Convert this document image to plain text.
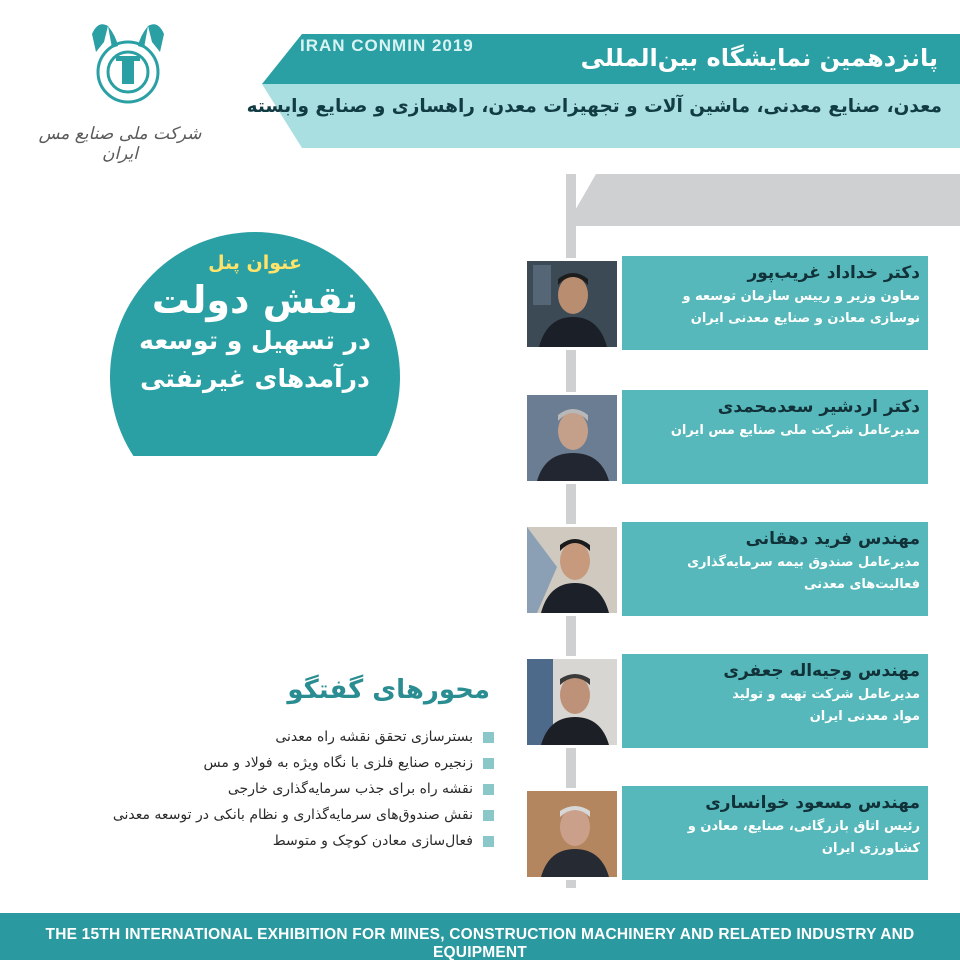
IRAN CONMIN 2019	پانزدهمین نمایشگاه بین‌المللی
معدن، صنایع معدنی، ماشین آلات و تجهیزات معدن، راهسازی و صنایع وابسته
شرکت ملی صنایع مس ایران
عنوان پنل
نقش دولت
در تسهیل و توسعه
درآمدهای غیرنفتی
دکتر خداداد غریب‌پور
معاون وزیر و رییس سازمان توسعه و
نوسازی معادن و صنایع معدنی ایران
دکتر اردشیر سعدمحمدی
مدیرعامل شرکت ملی صنایع مس ایران
مهندس فرید دهقانی
مدیرعامل صندوق بیمه سرمایه‌گذاری
فعالیت‌های معدنی
مهندس وجیه‌اله جعفری
مدیرعامل شرکت تهیه و تولید
مواد معدنی ایران
مهندس مسعود خوانساری
رئیس اتاق بازرگانی، صنایع، معادن و
کشاورزی ایران
محورهای گفتگو
بسترسازی تحقق نقشه راه معدنی
زنجیره صنایع فلزی با نگاه ویژه به فولاد و مس
نقشه راه برای جذب سرمایه‌گذاری خارجی
نقش صندوق‌های سرمایه‌گذاری و نظام بانکی در توسعه معدنی
فعال‌سازی معادن کوچک و متوسط
THE 15TH INTERNATIONAL EXHIBITION FOR MINES, CONSTRUCTION MACHINERY AND RELATED INDUSTRY AND EQUIPMENT
